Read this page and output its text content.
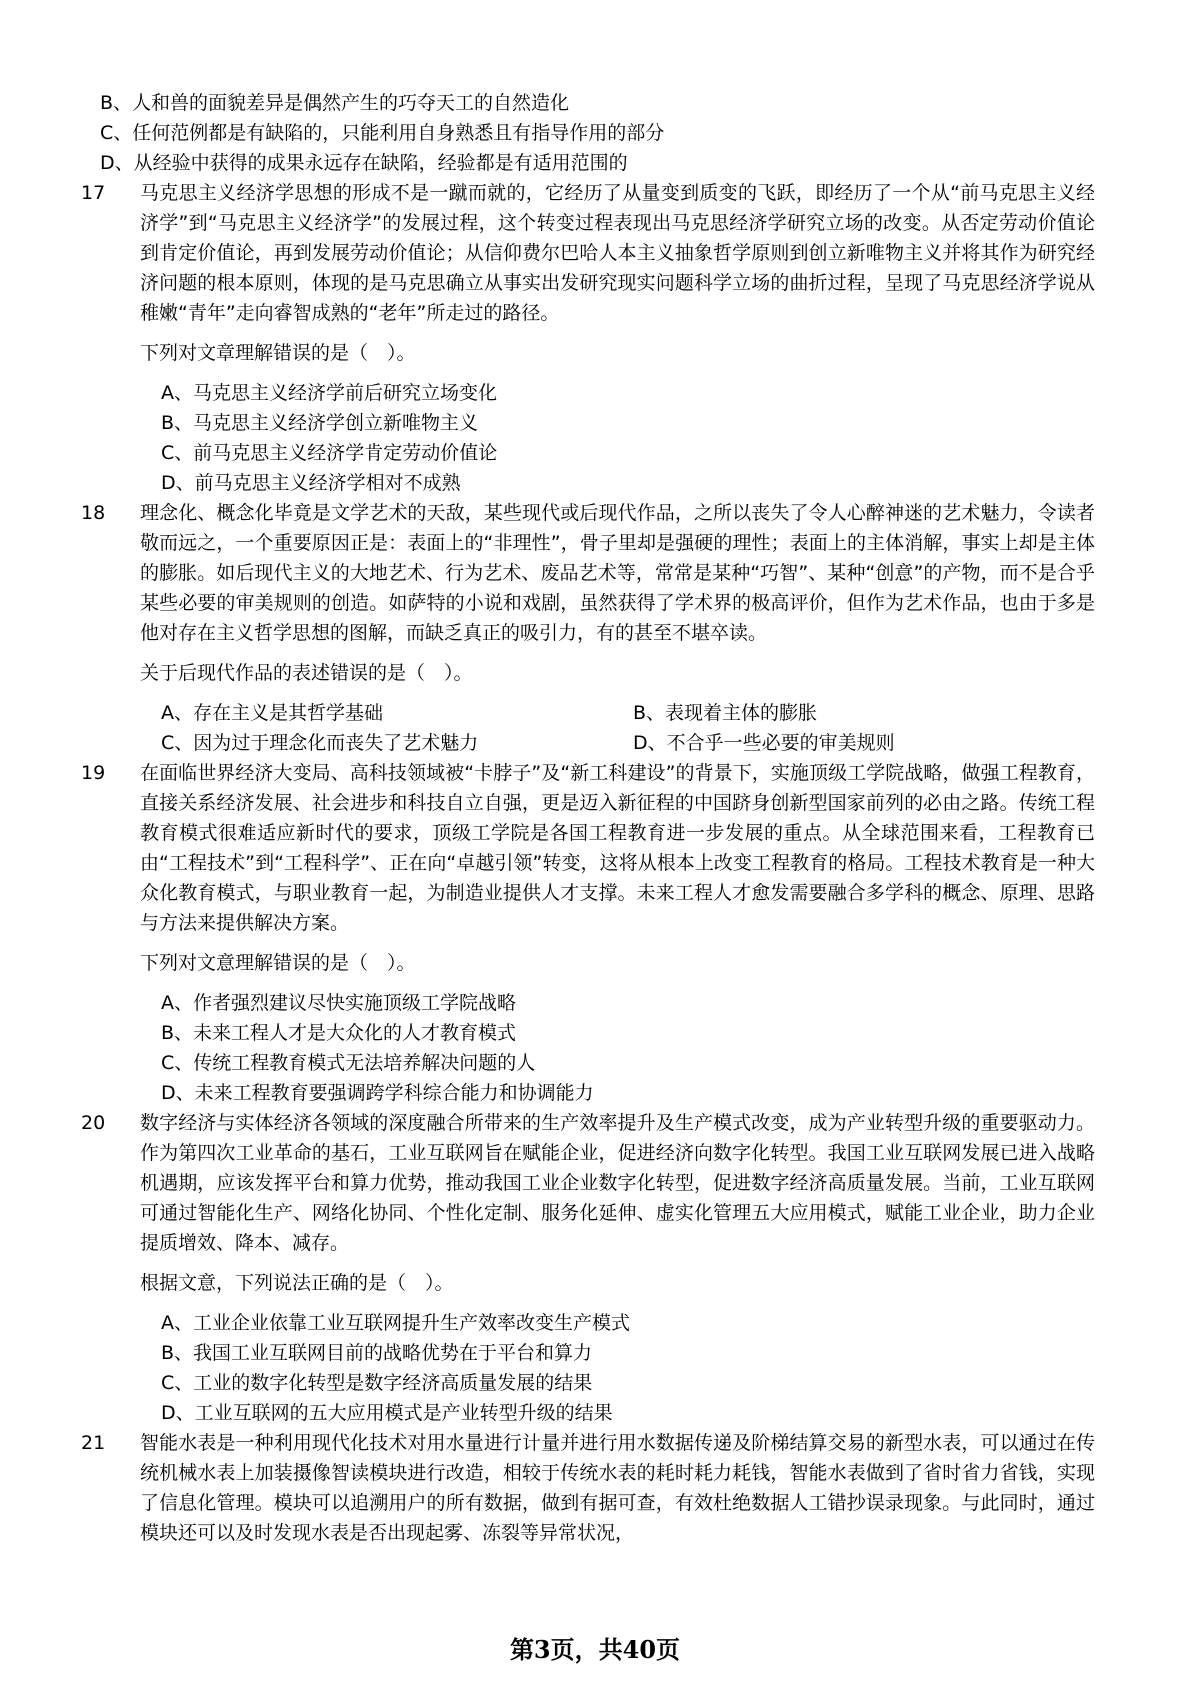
B、人和兽的面貌差异是偶然产生的巧夺天工的自然造化
C、任何范例都是有缺陷的，只能利用自身熟悉且有指导作用的部分
D、从经验中获得的成果永远存在缺陷，经验都是有适用范围的
17 马克思主义经济学思想的形成不是一蹴而就的，它经历了从量变到质变的飞跃，即经历了一个从“前马克思主义经济学”到“马克思主义经济学”的发展过程，这个转变过程表现出马克思经济学研究立场的改变。从否定劳动价值论到肯定价值论，再到发展劳动价值论；从信仰费尔巴哈人本主义抽象哲学原则到创立新唯物主义并将其作为研究经济问题的根本原则，体现的是马克思确立从事实出发研究现实问题科学立场的曲折过程，呈现了马克思经济学说从稚嫩“青年”走向睿智成熟的“老年”所走过的路径。
下列对文章理解错误的是（　）。
A、马克思主义经济学前后研究立场变化
B、马克思主义经济学创立新唯物主义
C、前马克思主义经济学肯定劳动价值论
D、前马克思主义经济学相对不成熟
18 理念化、概念化毕竟是文学艺术的天敌，某些现代或后现代作品，之所以丧失了令人心醉神迷的艺术魅力，令读者敬而远之，一个重要原因正是：表面上的“非理性”，骨子里却是强硬的理性；表面上的主体消解，事实上却是主体的膨胀。如后现代主义的大地艺术、行为艺术、废品艺术等，常常是某种“巧智”、某种“创意”的产物，而不是合乎某些必要的审美规则的创造。如萨特的小说和戏剧，虽然获得了学术界的极高评价，但作为艺术作品，也由于多是他对存在主义哲学思想的图解，而缺乏真正的吸引力，有的甚至不堪卒读。
关于后现代作品的表述错误的是（　）。
A、存在主义是其哲学基础	B、表现着主体的膨胀
C、因为过于理念化而丧失了艺术魅力	D、不合乎一些必要的审美规则
19 在面临世界经济大变局、高科技领域被“卡脖子”及“新工科建设”的背景下，实施顶级工学院战略，做强工程教育，直接关系经济发展、社会进步和科技自立自强，更是迈入新征程的中国跻身创新型国家前列的必由之路。传统工程教育模式很难适应新时代的要求，顶级工学院是各国工程教育进一步发展的重点。从全球范围来看，工程教育已由“工程技术”到“工程科学”、正在向“卓越引领”转变，这将从根本上改变工程教育的格局。工程技术教育是一种大众化教育模式，与职业教育一起，为制造业提供人才支撑。未来工程人才愈发需要融合多学科的概念、原理、思路与方法来提供解决方案。
下列对文意理解错误的是（　）。
A、作者强烈建议尽快实施顶级工学院战略
B、未来工程人才是大众化的人才教育模式
C、传统工程教育模式无法培养解决问题的人
D、未来工程教育要强调跨学科综合能力和协调能力
20 数字经济与实体经济各领域的深度融合所带来的生产效率提升及生产模式改变，成为产业转型升级的重要驱动力。作为第四次工业革命的基石，工业互联网旨在赋能企业，促进经济向数字化转型。我国工业互联网发展已进入战略机遇期，应该发挥平台和算力优势，推动我国工业企业数字化转型，促进数字经济高质量发展。当前，工业互联网可通过智能化生产、网络化协同、个性化定制、服务化延伸、虚实化管理五大应用模式，赋能工业企业，助力企业提质增效、降本、减存。
根据文意，下列说法正确的是（　）。
A、工业企业依靠工业互联网提升生产效率改变生产模式
B、我国工业互联网目前的战略优势在于平台和算力
C、工业的数字化转型是数字经济高质量发展的结果
D、工业互联网的五大应用模式是产业转型升级的结果
21 智能水表是一种利用现代化技术对用水量进行计量并进行用水数据传递及阶梯结算交易的新型水表，可以通过在传统机械水表上加装摄像智读模块进行改造，相较于传统水表的耗时耗力耗钱，智能水表做到了省时省力省钱，实现了信息化管理。模块可以追溯用户的所有数据，做到有据可查，有效杜绝数据人工错抄误录现象。与此同时，通过模块还可以及时发现水表是否出现起雾、冻裂等异常状况，
第3页，共40页
